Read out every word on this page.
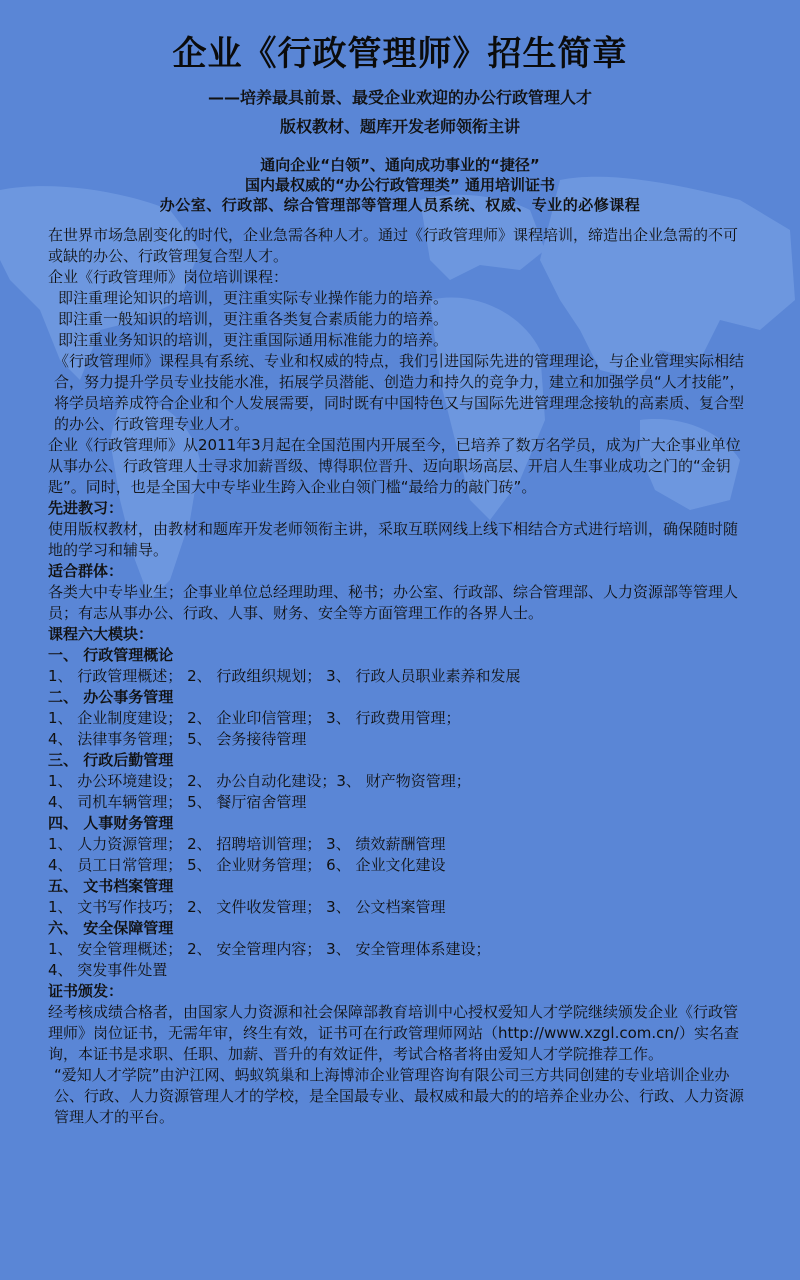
企业《行政管理师》招生简章
——培养最具前景、最受企业欢迎的办公行政管理人才
版权教材、题库开发老师领衔主讲
通向企业“白领”、通向成功事业的“捷径”
国内最权威的“办公行政管理类” 通用培训证书
办公室、行政部、综合管理部等管理人员系统、权威、专业的必修课程

在世界市场急剧变化的时代，企业急需各种人才。通过《行政管理师》课程培训，缔造出企业急需的不可或缺的办公、行政管理复合型人才。

企业《行政管理师》岗位培训课程：

即注重理论知识的培训，更注重实际专业操作能力的培养。

即注重一般知识的培训，更注重各类复合素质能力的培养。

即注重业务知识的培训，更注重国际通用标准能力的培养。

《行政管理师》课程具有系统、专业和权威的特点，我们引进国际先进的管理理论，与企业管理实际相结合，努力提升学员专业技能水准，拓展学员潜能、创造力和持久的竞争力，建立和加强学员“人才技能”，将学员培养成符合企业和个人发展需要，同时既有中国特色又与国际先进管理理念接轨的高素质、复合型的办公、行政管理专业人才。

企业《行政管理师》从2011年3月起在全国范围内开展至今，已培养了数万名学员，成为广大企事业单位从事办公、行政管理人士寻求加薪晋级、博得职位晋升、迈向职场高层、开启人生事业成功之门的“金钥匙”。同时，也是全国大中专毕业生跨入企业白领门槛“最给力的敲门砖”。

先进教习：

使用版权教材，由教材和题库开发老师领衔主讲，采取互联网线上线下相结合方式进行培训，确保随时随地的学习和辅导。

适合群体：

各类大中专毕业生；企事业单位总经理助理、秘书；办公室、行政部、综合管理部、人力资源部等管理人员；有志从事办公、行政、人事、财务、安全等方面管理工作的各界人士。

课程六大模块：

一、 行政管理概论

1、 行政管理概述； 2、 行政组织规划； 3、 行政人员职业素养和发展

二、 办公事务管理

1、 企业制度建设； 2、 企业印信管理； 3、 行政费用管理；

4、 法律事务管理； 5、 会务接待管理

三、 行政后勤管理

1、 办公环境建设； 2、 办公自动化建设；3、 财产物资管理；

4、 司机车辆管理； 5、 餐厅宿舍管理

四、 人事财务管理

1、 人力资源管理； 2、 招聘培训管理； 3、 绩效薪酬管理

4、 员工日常管理； 5、 企业财务管理； 6、 企业文化建设

五、 文书档案管理

1、 文书写作技巧； 2、 文件收发管理； 3、 公文档案管理

六、 安全保障管理

1、 安全管理概述； 2、 安全管理内容； 3、 安全管理体系建设；

4、 突发事件处置

证书颁发：

经考核成绩合格者，由国家人力资源和社会保障部教育培训中心授权爱知人才学院继续颁发企业《行政管理师》岗位证书，无需年审，终生有效，证书可在行政管理师网站（http://www.xzgl.com.cn/）实名查询，本证书是求职、任职、加薪、晋升的有效证件，考试合格者将由爱知人才学院推荐工作。

“爱知人才学院”由沪江网、蚂蚁筑巢和上海博沛企业管理咨询有限公司三方共同创建的专业培训企业办公、行政、人力资源管理人才的学校，是全国最专业、最权威和最大的的培养企业办公、行政、人力资源管理人才的平台。
